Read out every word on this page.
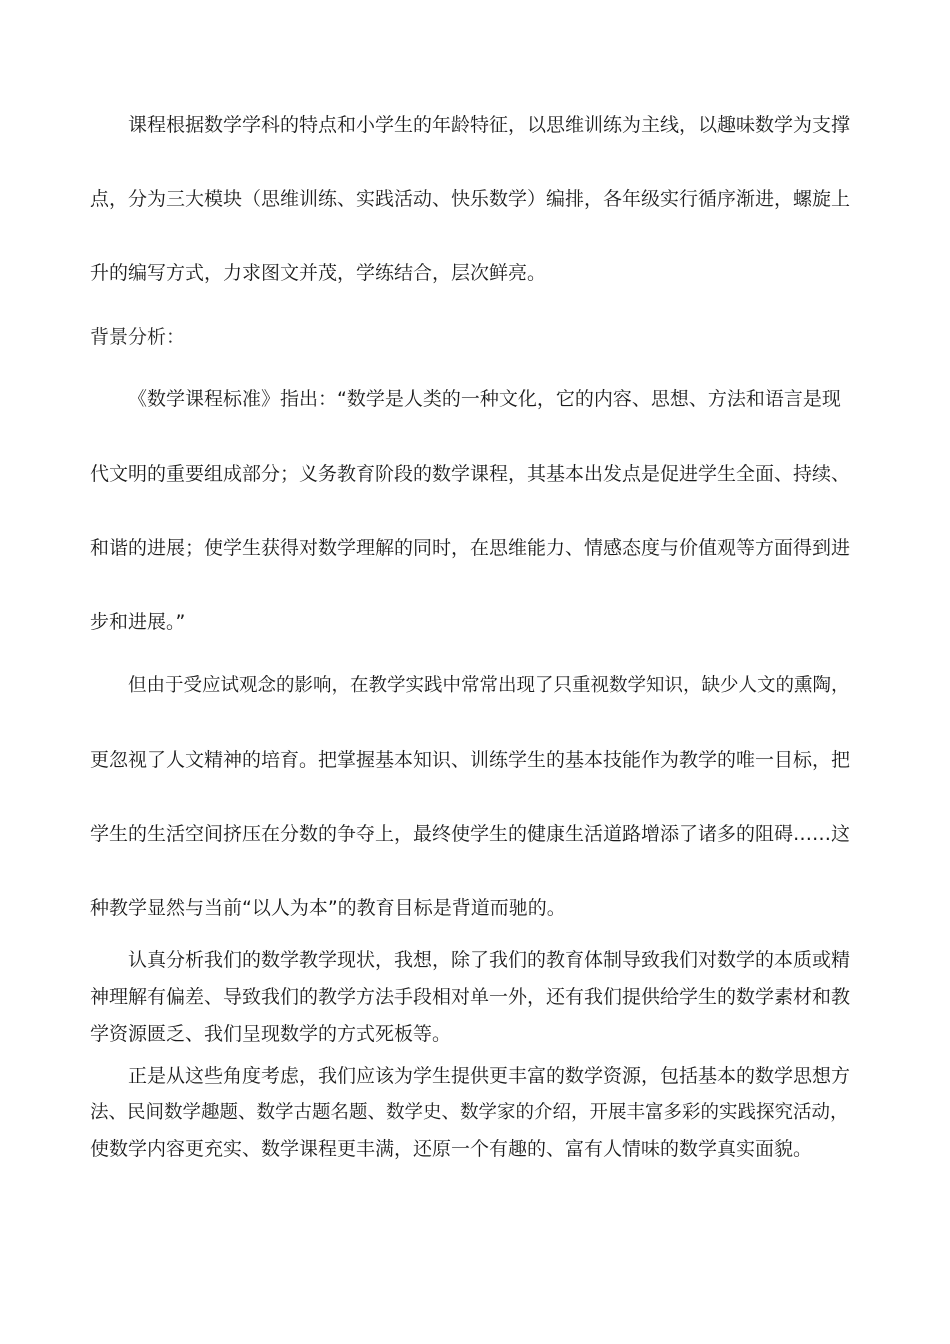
课程根据数学学科的特点和小学生的年龄特征，以思维训练为主线，以趣味数学为支撑
点，分为三大模块（思维训练、实践活动、快乐数学）编排，各年级实行循序渐进，螺旋上
升的编写方式，力求图文并茂，学练结合，层次鲜亮。
背景分析：
《数学课程标准》指出：“数学是人类的一种文化，它的内容、思想、方法和语言是现
代文明的重要组成部分；义务教育阶段的数学课程，其基本出发点是促进学生全面、持续、
和谐的进展；使学生获得对数学理解的同时，在思维能力、情感态度与价值观等方面得到进
步和进展。”
但由于受应试观念的影响，在教学实践中常常出现了只重视数学知识，缺少人文的熏陶，
更忽视了人文精神的培育。把掌握基本知识、训练学生的基本技能作为教学的唯一目标，把
学生的生活空间挤压在分数的争夺上，最终使学生的健康生活道路增添了诸多的阻碍……这
种教学显然与当前“以人为本”的教育目标是背道而驰的。
认真分析我们的数学教学现状，我想，除了我们的教育体制导致我们对数学的本质或精
神理解有偏差、导致我们的教学方法手段相对单一外，还有我们提供给学生的数学素材和教
学资源匮乏、我们呈现数学的方式死板等。
正是从这些角度考虑，我们应该为学生提供更丰富的数学资源，包括基本的数学思想方
法、民间数学趣题、数学古题名题、数学史、数学家的介绍，开展丰富多彩的实践探究活动，
使数学内容更充实、数学课程更丰满，还原一个有趣的、富有人情味的数学真实面貌。
